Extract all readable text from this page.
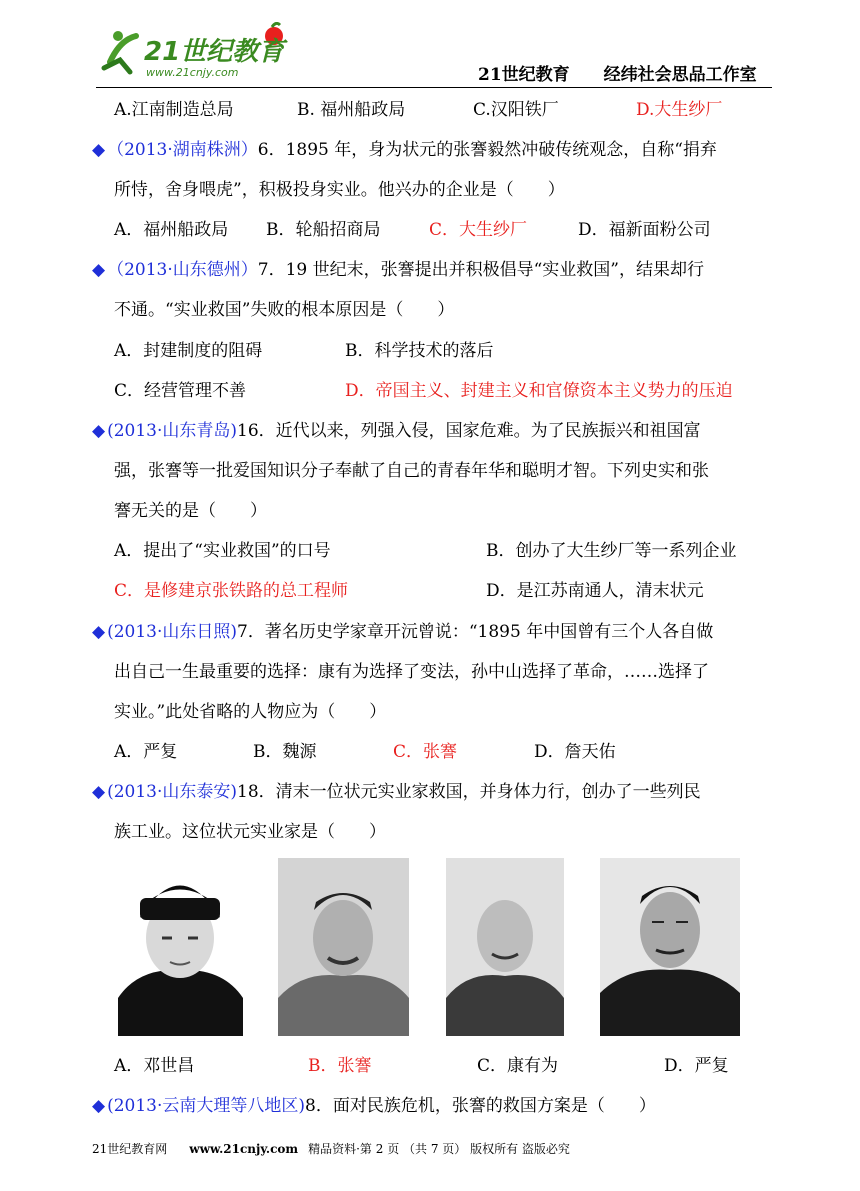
21世纪教育
www.21cnjy.com	21世纪教育 经纬社会思品工作室
A.江南制造总局	B. 福州船政局	C.汉阳铁厂	D.大生纱厂
◆ （2013·湖南株洲）6．1895 年，身为状元的张謇毅然冲破传统观念，自称“捐弃
所恃，舍身喂虎”，积极投身实业。他兴办的企业是（　　）
A．福州船政局 B．轮船招商局	C．大生纱厂	D．福新面粉公司
◆ （2013·山东德州）7．19 世纪末，张謇提出并积极倡导“实业救国”，结果却行
不通。“实业救国”失败的根本原因是（　　）
A．封建制度的阻碍	B．科学技术的落后
C．经营管理不善	D．帝国主义、封建主义和官僚资本主义势力的压迫
◆ (2013·山东青岛)16．近代以来，列强入侵，国家危难。为了民族振兴和祖国富
强，张謇等一批爱国知识分子奉献了自己的青春年华和聪明才智。下列史实和张
謇无关的是（　　）
A．提出了“实业救国”的口号	B．创办了大生纱厂等一系列企业
C．是修建京张铁路的总工程师	D．是江苏南通人，清末状元
◆ (2013·山东日照)7．著名历史学家章开沅曾说：“1895 年中国曾有三个人各自做
出自己一生最重要的选择：康有为选择了变法，孙中山选择了革命，……选择了
实业。”此处省略的人物应为（　　）
A．严复	B．魏源	C．张謇	D．詹天佑
◆ (2013·山东泰安)18．清末一位状元实业家救国，并身体力行，创办了一些列民
族工业。这位状元实业家是（　　）
A．邓世昌	B．张謇	C．康有为	D．严复
◆ (2013·云南大理等八地区)8．面对民族危机，张謇的救国方案是（　　）
21世纪教育网 www.21cnjy.com 精品资料·第 2 页 （共 7 页） 版权所有 盗版必究
